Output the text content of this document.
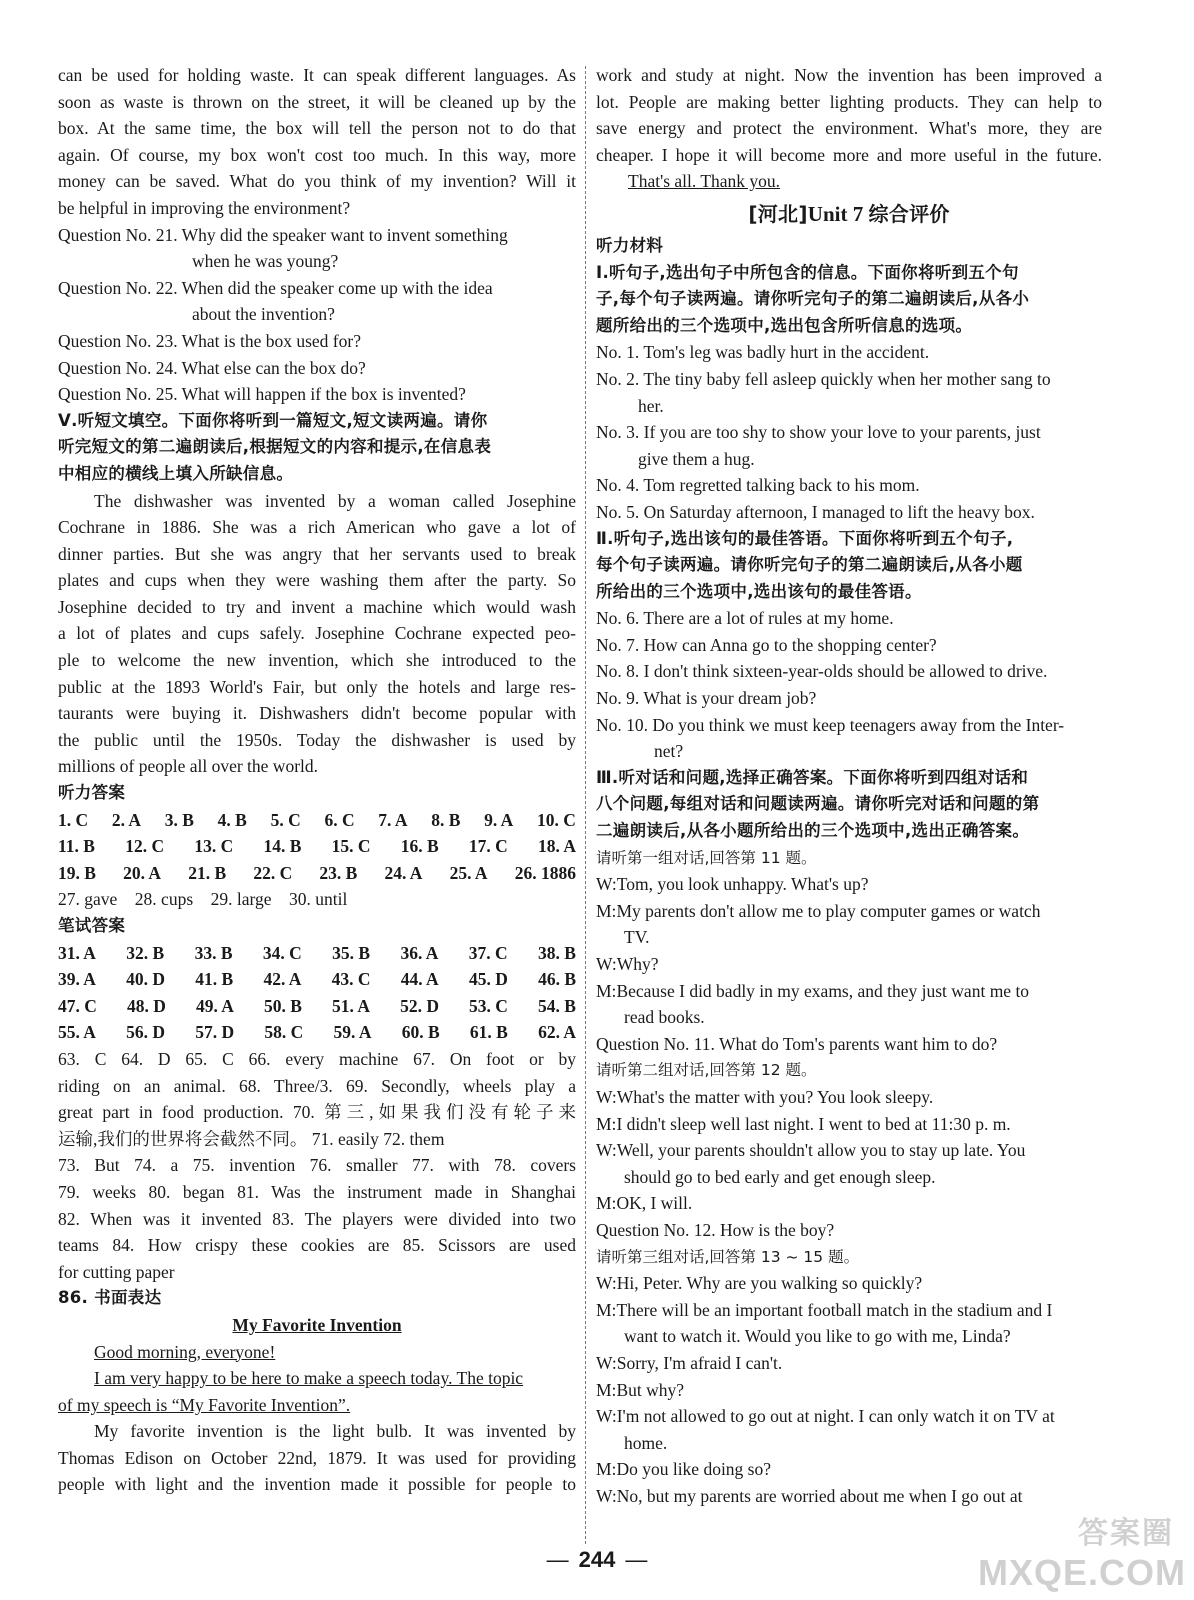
can be used for holding waste. It can speak different languages. As
soon as waste is thrown on the street, it will be cleaned up by the
box. At the same time, the box will tell the person not to do that
again. Of course, my box won't cost too much. In this way, more
money can be saved. What do you think of my invention? Will it
be helpful in improving the environment?
Question No. 21. Why did the speaker want to invent something
when he was young?
Question No. 22. When did the speaker come up with the idea
about the invention?
Question No. 23. What is the box used for?
Question No. 24. What else can the box do?
Question No. 25. What will happen if the box is invented?
Ⅴ.听短文填空。下面你将听到一篇短文,短文读两遍。请你
听完短文的第二遍朗读后,根据短文的内容和提示,在信息表
中相应的横线上填入所缺信息。
The dishwasher was invented by a woman called Josephine
Cochrane in 1886. She was a rich American who gave a lot of
dinner parties. But she was angry that her servants used to break
plates and cups when they were washing them after the party. So
Josephine decided to try and invent a machine which would wash
a lot of plates and cups safely. Josephine Cochrane expected peo-
ple to welcome the new invention, which she introduced to the
public at the 1893 World's Fair, but only the hotels and large res-
taurants were buying it. Dishwashers didn't become popular with
the public until the 1950s. Today the dishwasher is used by
millions of people all over the world.
听力答案
1. C 2. A 3. B 4. B 5. C 6. C 7. A 8. B 9. A 10. C
11. B 12. C 13. C 14. B 15. C 16. B 17. C 18. A
19. B 20. A 21. B 22. C 23. B 24. A 25. A 26. 1886
27. gave 28. cups 29. large 30. until
笔试答案
31. A 32. B 33. B 34. C 35. B 36. A 37. C 38. B
39. A 40. D 41. B 42. A 43. C 44. A 45. D 46. B
47. C 48. D 49. A 50. B 51. A 52. D 53. C 54. B
55. A 56. D 57. D 58. C 59. A 60. B 61. B 62. A
63. C 64. D 65. C 66. every machine 67. On foot or by
riding on an animal. 68. Three/3. 69. Secondly, wheels play a
great part in food production. 70. 第三,如果我们没有轮子来
运输,我们的世界将会截然不同。 71. easily 72. them
73. But 74. a 75. invention 76. smaller 77. with 78. covers
79. weeks 80. began 81. Was the instrument made in Shanghai
82. When was it invented 83. The players were divided into two
teams 84. How crispy these cookies are 85. Scissors are used
for cutting paper
86. 书面表达
My Favorite Invention
Good morning, everyone!
I am very happy to be here to make a speech today. The topic
of my speech is “My Favorite Invention”.
My favorite invention is the light bulb. It was invented by
Thomas Edison on October 22nd, 1879. It was used for providing
people with light and the invention made it possible for people to
work and study at night. Now the invention has been improved a
lot. People are making better lighting products. They can help to
save energy and protect the environment. What's more, they are
cheaper. I hope it will become more and more useful in the future.
That's all. Thank you.
[河北]Unit 7 综合评价
听力材料
Ⅰ.听句子,选出句子中所包含的信息。下面你将听到五个句
子,每个句子读两遍。请你听完句子的第二遍朗读后,从各小
题所给出的三个选项中,选出包含所听信息的选项。
No. 1. Tom's leg was badly hurt in the accident.
No. 2. The tiny baby fell asleep quickly when her mother sang to
her.
No. 3. If you are too shy to show your love to your parents, just
give them a hug.
No. 4. Tom regretted talking back to his mom.
No. 5. On Saturday afternoon, I managed to lift the heavy box.
Ⅱ.听句子,选出该句的最佳答语。下面你将听到五个句子,
每个句子读两遍。请你听完句子的第二遍朗读后,从各小题
所给出的三个选项中,选出该句的最佳答语。
No. 6. There are a lot of rules at my home.
No. 7. How can Anna go to the shopping center?
No. 8. I don't think sixteen-year-olds should be allowed to drive.
No. 9. What is your dream job?
No. 10. Do you think we must keep teenagers away from the Inter-
net?
Ⅲ.听对话和问题,选择正确答案。下面你将听到四组对话和
八个问题,每组对话和问题读两遍。请你听完对话和问题的第
二遍朗读后,从各小题所给出的三个选项中,选出正确答案。
请听第一组对话,回答第 11 题。
W:Tom, you look unhappy. What's up?
M:My parents don't allow me to play computer games or watch
TV.
W:Why?
M:Because I did badly in my exams, and they just want me to
read books.
Question No. 11. What do Tom's parents want him to do?
请听第二组对话,回答第 12 题。
W:What's the matter with you? You look sleepy.
M:I didn't sleep well last night. I went to bed at 11:30 p. m.
W:Well, your parents shouldn't allow you to stay up late. You
should go to bed early and get enough sleep.
M:OK, I will.
Question No. 12. How is the boy?
请听第三组对话,回答第 13 ~ 15 题。
W:Hi, Peter. Why are you walking so quickly?
M:There will be an important football match in the stadium and I
want to watch it. Would you like to go with me, Linda?
W:Sorry, I'm afraid I can't.
M:But why?
W:I'm not allowed to go out at night. I can only watch it on TV at
home.
M:Do you like doing so?
W:No, but my parents are worried about me when I go out at
— 244 —
答案圈
MXQE.COM
